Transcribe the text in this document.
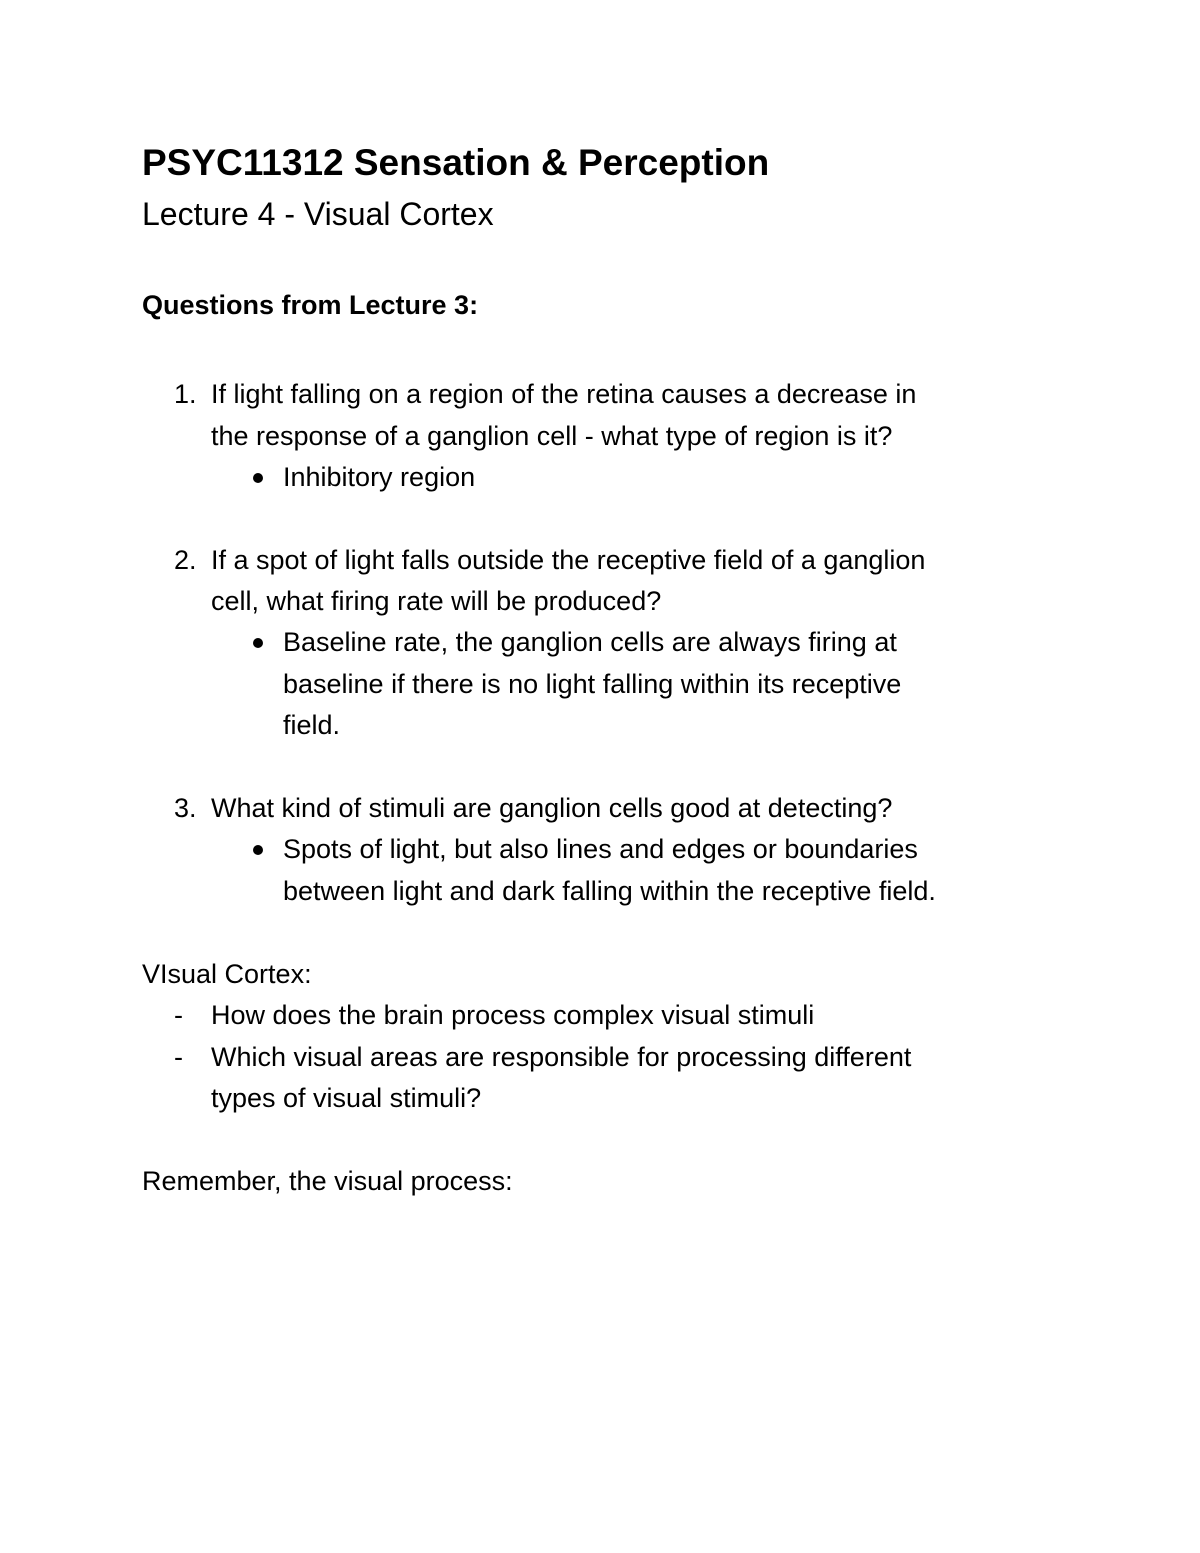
PSYC11312 Sensation & Perception
Lecture 4 - Visual Cortex
Questions from Lecture 3:
1. If light falling on a region of the retina causes a decrease in
the response of a ganglion cell - what type of region is it?
Inhibitory region
2. If a spot of light falls outside the receptive field of a ganglion
cell, what firing rate will be produced?
Baseline rate, the ganglion cells are always firing at
baseline if there is no light falling within its receptive
field.
3. What kind of stimuli are ganglion cells good at detecting?
Spots of light, but also lines and edges or boundaries
between light and dark falling within the receptive field.
VIsual Cortex:
- How does the brain process complex visual stimuli
- Which visual areas are responsible for processing different
types of visual stimuli?
Remember, the visual process:
